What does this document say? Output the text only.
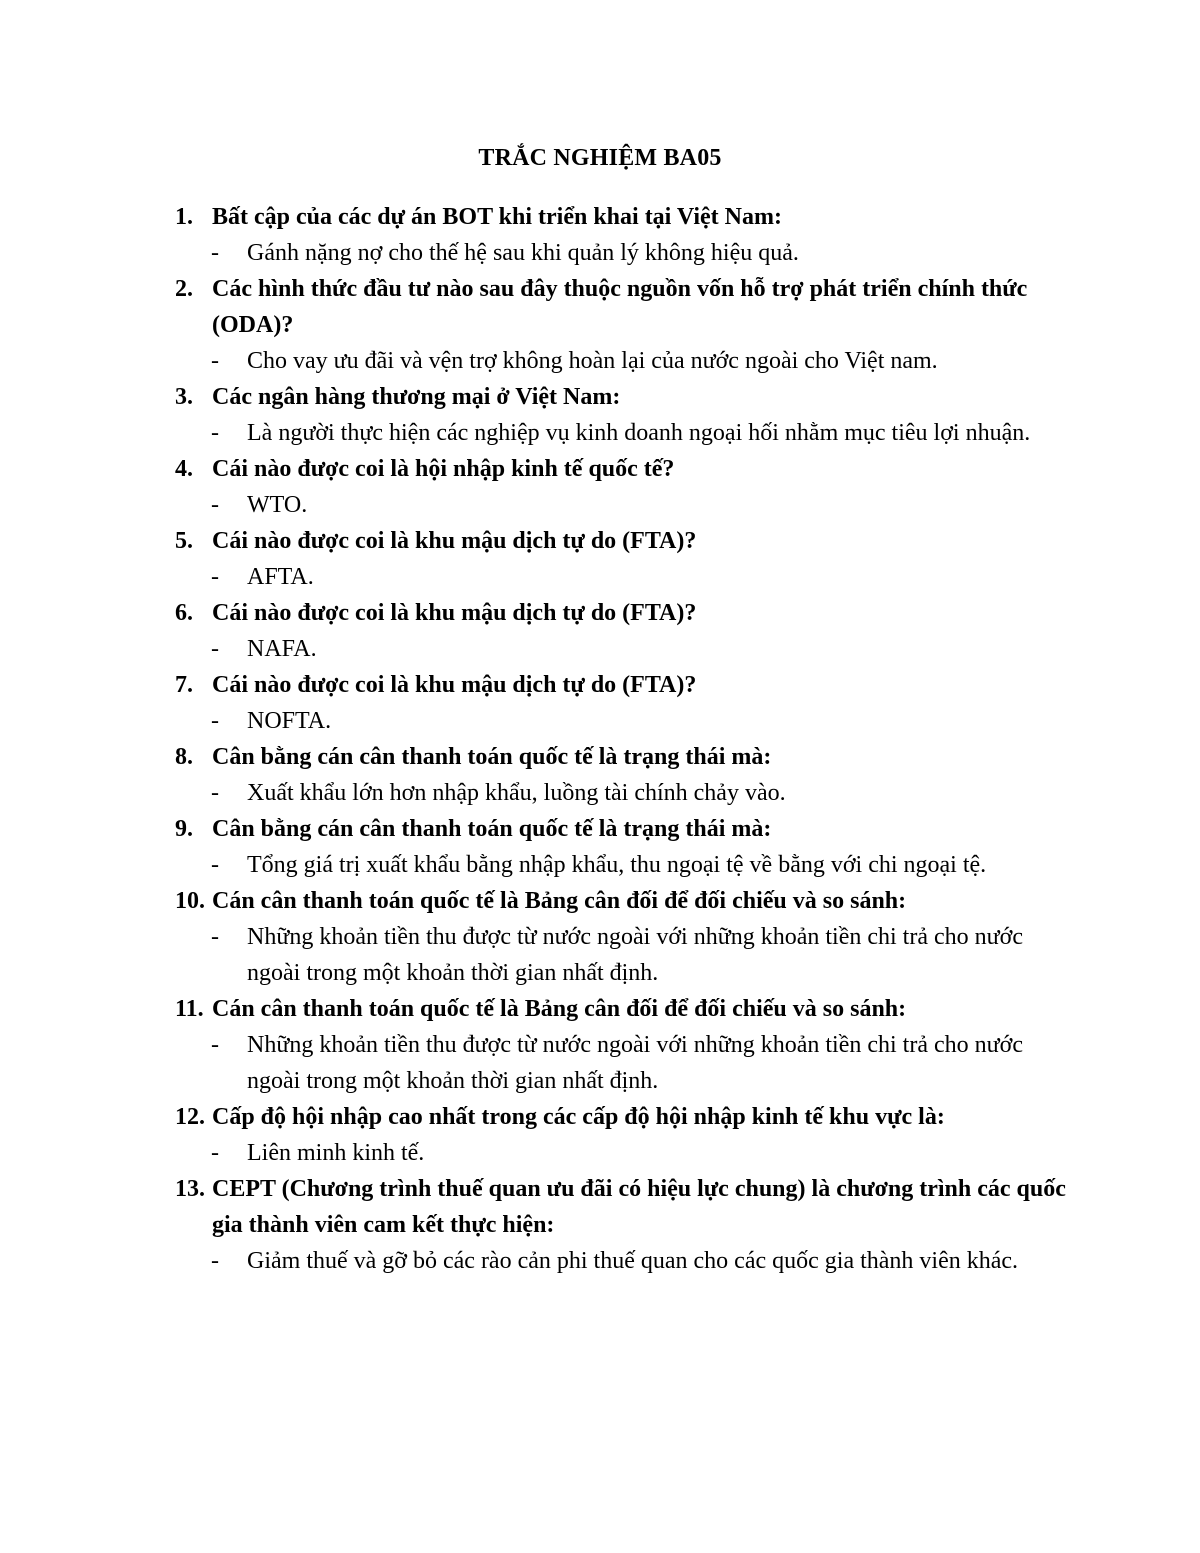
TRẮC NGHIỆM BA05

1. Bất cập của các dự án BOT khi triển khai tại Việt Nam:

-	Gánh nặng nợ cho thế hệ sau khi quản lý không hiệu quả.

2. Các hình thức đầu tư nào sau đây thuộc nguồn vốn hỗ trợ phát triển chính thức (ODA)?

-	Cho vay ưu đãi và vện trợ không hoàn lại của nước ngoài cho Việt nam.

3. Các ngân hàng thương mại ở Việt Nam:

-	Là người thực hiện các nghiệp vụ kinh doanh ngoại hối nhằm mục tiêu lợi nhuận.

4. Cái nào được coi là hội nhập kinh tế quốc tế?

-	WTO.

5. Cái nào được coi là khu mậu dịch tự do (FTA)?

-	AFTA.

6. Cái nào được coi là khu mậu dịch tự do (FTA)?

-	NAFA.

7. Cái nào được coi là khu mậu dịch tự do (FTA)?

-	NOFTA.

8. Cân bằng cán cân thanh toán quốc tế là trạng thái mà:

-	Xuất khẩu lớn hơn nhập khẩu, luồng tài chính chảy vào.

9. Cân bằng cán cân thanh toán quốc tế là trạng thái mà:

-	Tổng giá trị xuất khẩu bằng nhập khẩu, thu ngoại tệ về bằng với chi ngoại tệ.

10. Cán cân thanh toán quốc tế là Bảng cân đối để đối chiếu và so sánh:

-	Những khoản tiền thu được từ nước ngoài với những khoản tiền chi trả cho nước ngoài trong một khoản thời gian nhất định.

11. Cán cân thanh toán quốc tế là Bảng cân đối để đối chiếu và so sánh:

-	Những khoản tiền thu được từ nước ngoài với những khoản tiền chi trả cho nước ngoài trong một khoản thời gian nhất định.

12. Cấp độ hội nhập cao nhất trong các cấp độ hội nhập kinh tế khu vực là:

-	Liên minh kinh tế.

13. CEPT (Chương trình thuế quan ưu đãi có hiệu lực chung) là chương trình các quốc gia thành viên cam kết thực hiện:

-	Giảm thuế và gỡ bỏ các rào cản phi thuế quan cho các quốc gia thành viên khác.
